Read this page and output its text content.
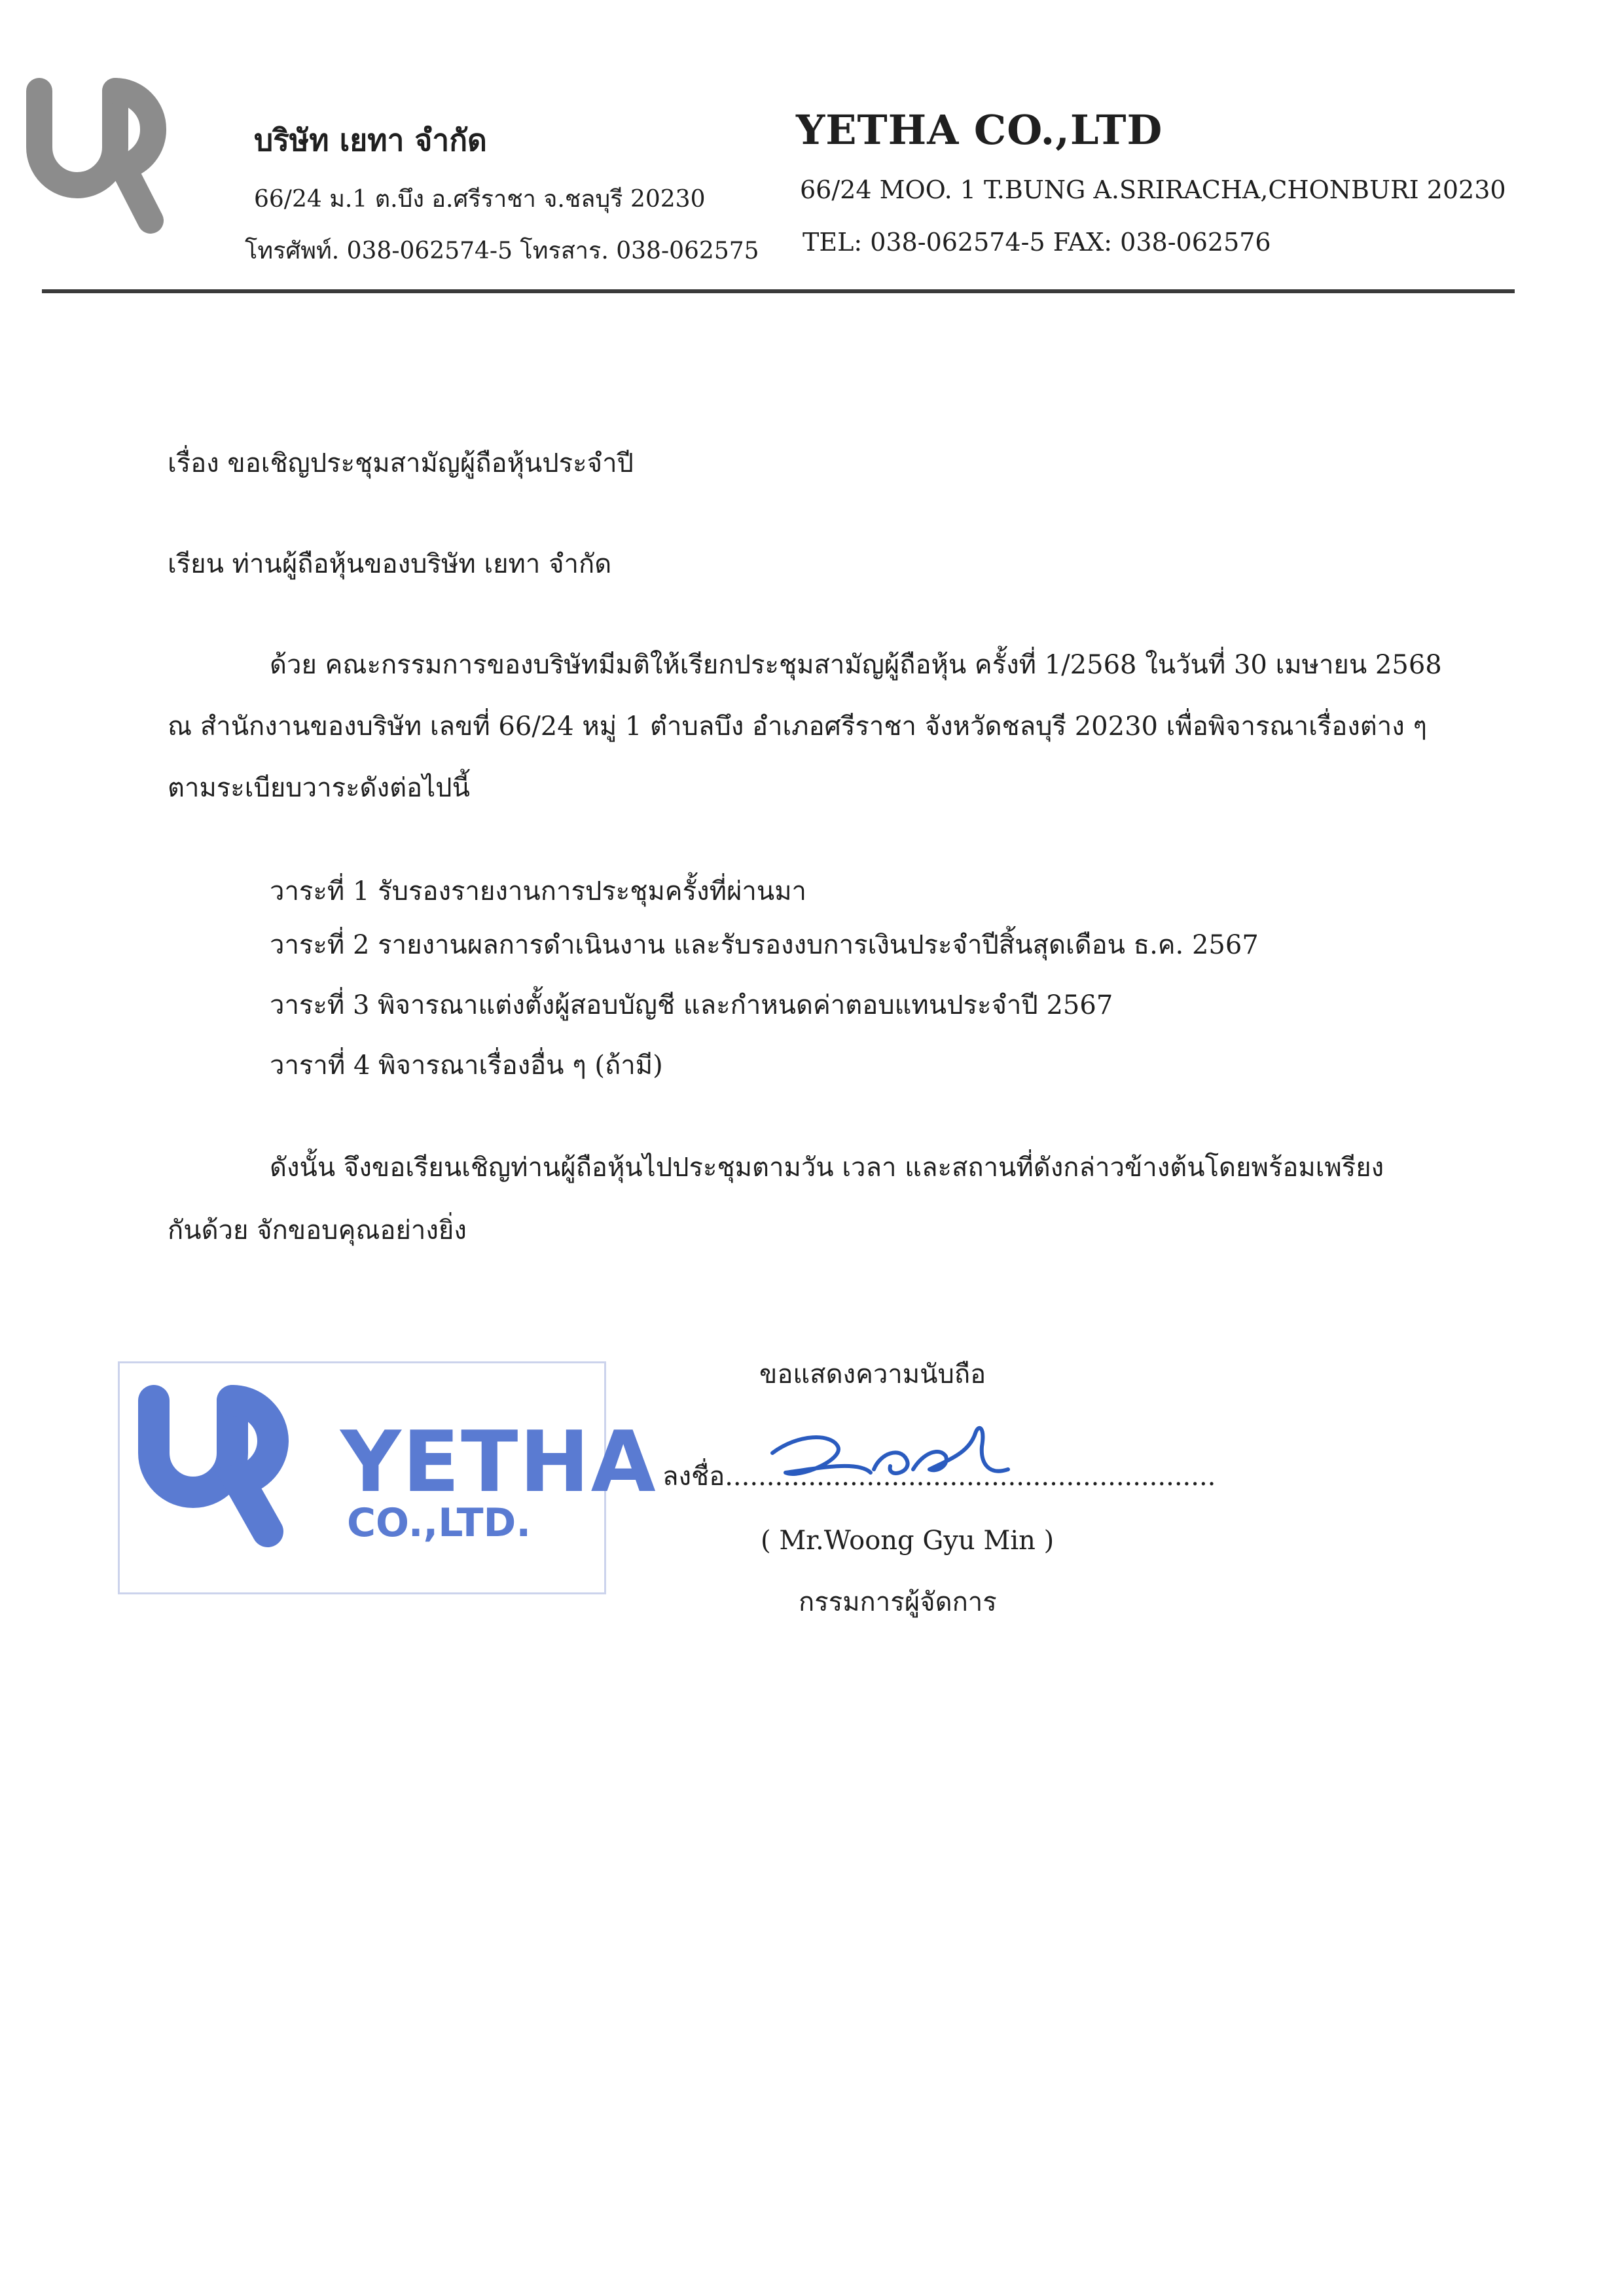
บริษัท เยทา จำกัด
66/24 ม.1 ต.บึง อ.ศรีราชา จ.ชลบุรี 20230
โทรศัพท์. 038-062574-5 โทรสาร. 038-062575
YETHA CO.,LTD
66/24 MOO. 1 T.BUNG A.SRIRACHA,CHONBURI 20230
TEL: 038-062574-5 FAX: 038-062576
เรื่อง ขอเชิญประชุมสามัญผู้ถือหุ้นประจำปี
เรียน ท่านผู้ถือหุ้นของบริษัท เยทา จำกัด
ด้วย คณะกรรมการของบริษัทมีมติให้เรียกประชุมสามัญผู้ถือหุ้น ครั้งที่ 1/2568 ในวันที่ 30 เมษายน 2568
ณ สำนักงานของบริษัท เลขที่ 66/24 หมู่ 1 ตำบลบึง อำเภอศรีราชา จังหวัดชลบุรี 20230 เพื่อพิจารณาเรื่องต่าง ๆ
ตามระเบียบวาระดังต่อไปนี้
วาระที่ 1 รับรองรายงานการประชุมครั้งที่ผ่านมา
วาระที่ 2 รายงานผลการดำเนินงาน และรับรองงบการเงินประจำปีสิ้นสุดเดือน ธ.ค. 2567
วาระที่ 3 พิจารณาแต่งตั้งผู้สอบบัญชี และกำหนดค่าตอบแทนประจำปี 2567
วาราที่ 4 พิจารณาเรื่องอื่น ๆ (ถ้ามี)
ดังนั้น จึงขอเรียนเชิญท่านผู้ถือหุ้นไปประชุมตามวัน เวลา และสถานที่ดังกล่าวข้างต้นโดยพร้อมเพรียง
กันด้วย จักขอบคุณอย่างยิ่ง
YETHA
CO.,LTD.
ขอแสดงความนับถือ
ลงชื่อ...........................................................
( Mr.Woong Gyu Min )
กรรมการผู้จัดการ
